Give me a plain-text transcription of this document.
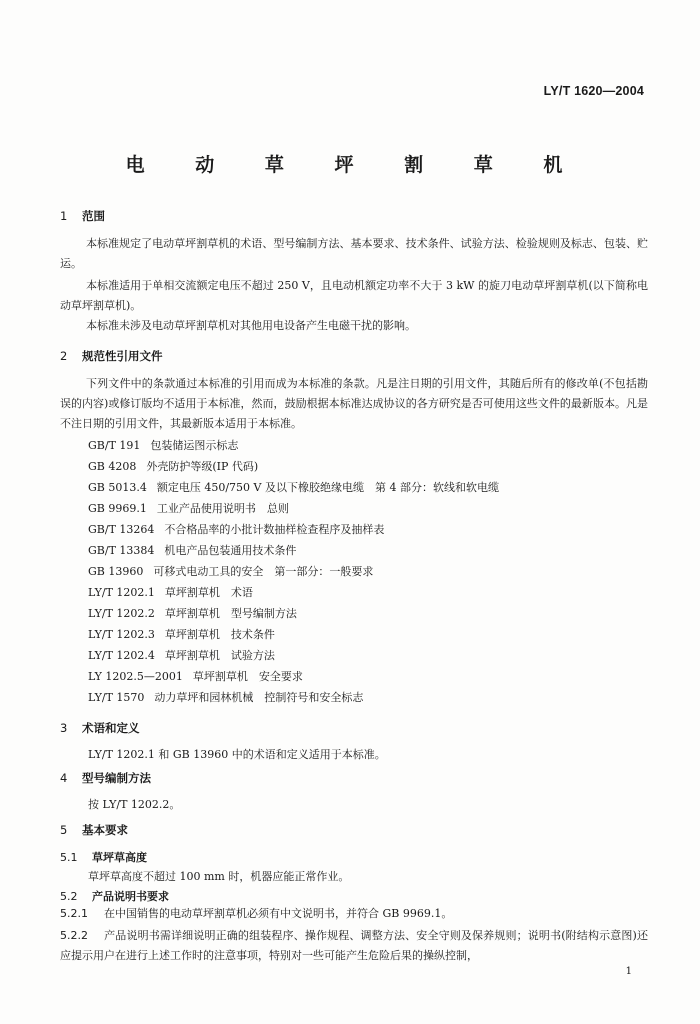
LY/T 1620—2004
电 动 草 坪 割 草 机
1 范围

本标准规定了电动草坪割草机的术语、型号编制方法、基本要求、技术条件、试验方法、检验规则及标志、包装、贮运。

本标准适用于单相交流额定电压不超过 250 V，且电动机额定功率不大于 3 kW 的旋刀电动草坪割草机(以下简称电动草坪割草机)。

本标准未涉及电动草坪割草机对其他用电设备产生电磁干扰的影响。

2 规范性引用文件

下列文件中的条款通过本标准的引用而成为本标准的条款。凡是注日期的引用文件，其随后所有的修改单(不包括勘误的内容)或修订版均不适用于本标准，然而，鼓励根据本标准达成协议的各方研究是否可使用这些文件的最新版本。凡是不注日期的引用文件，其最新版本适用于本标准。

GB/T 191 包装储运图示标志
GB 4208 外壳防护等级(IP 代码)
GB 5013.4 额定电压 450/750 V 及以下橡胶绝缘电缆　第 4 部分：软线和软电缆
GB 9969.1 工业产品使用说明书　总则
GB/T 13264 不合格品率的小批计数抽样检查程序及抽样表
GB/T 13384 机电产品包装通用技术条件
GB 13960 可移式电动工具的安全　第一部分：一般要求
LY/T 1202.1 草坪割草机　术语
LY/T 1202.2 草坪割草机　型号编制方法
LY/T 1202.3 草坪割草机　技术条件
LY/T 1202.4 草坪割草机　试验方法
LY 1202.5—2001 草坪割草机　安全要求
LY/T 1570 动力草坪和园林机械　控制符号和安全标志
3 术语和定义
LY/T 1202.1 和 GB 13960 中的术语和定义适用于本标准。
4 型号编制方法
按 LY/T 1202.2。
5 基本要求
5.1 草坪草高度
草坪草高度不超过 100 mm 时，机器应能正常作业。
5.2 产品说明书要求

5.2.1 在中国销售的电动草坪割草机必须有中文说明书，并符合 GB 9969.1。

5.2.2 产品说明书需详细说明正确的组装程序、操作规程、调整方法、安全守则及保养规则；说明书(附结构示意图)还应提示用户在进行上述工作时的注意事项，特别对一些可能产生危险后果的操纵控制，

1
